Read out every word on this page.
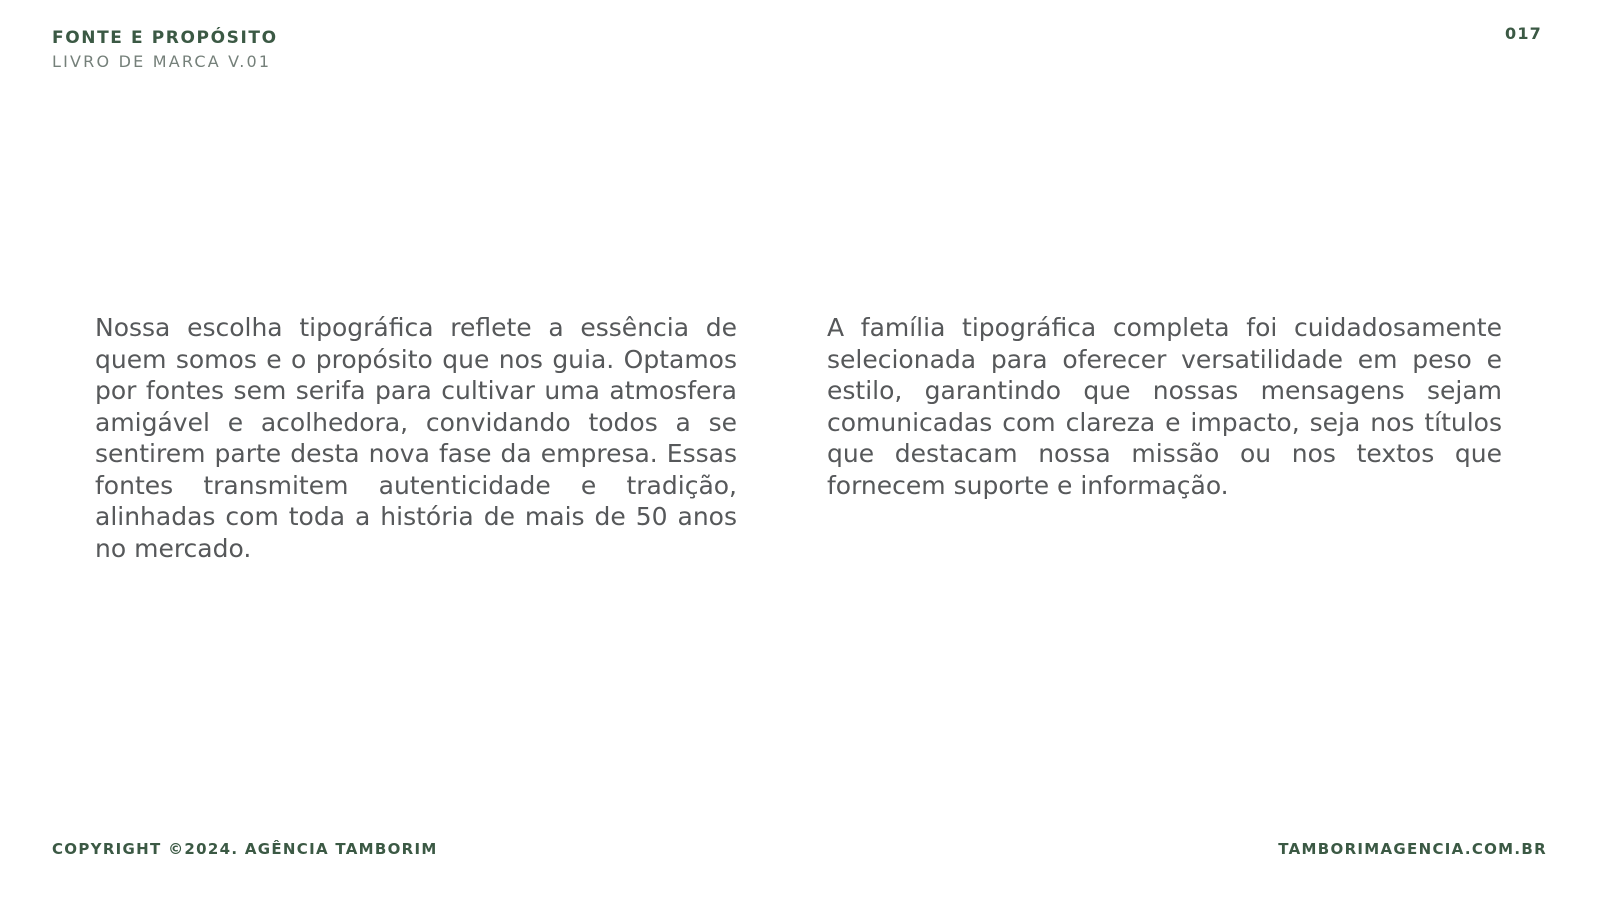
FONTE E PROPÓSITO
LIVRO DE MARCA V.01
017
Nossa escolha tipográfica reflete a essência de quem somos e o propósito que nos guia. Optamos por fontes sem serifa para cultivar uma atmosfera amigável e acolhedora, convidando todos a se sentirem parte desta nova fase da empresa. Essas fontes transmitem autenticidade e tradição, alinhadas com toda a história de mais de 50 anos no mercado.
A família tipográfica completa foi cuidadosamente selecionada para oferecer versatilidade em peso e estilo, garantindo que nossas mensagens sejam comunicadas com clareza e impacto, seja nos títulos que destacam nossa missão ou nos textos que fornecem suporte e informação.
COPYRIGHT ©2024. AGÊNCIA TAMBORIM	TAMBORIMAGENCIA.COM.BR
